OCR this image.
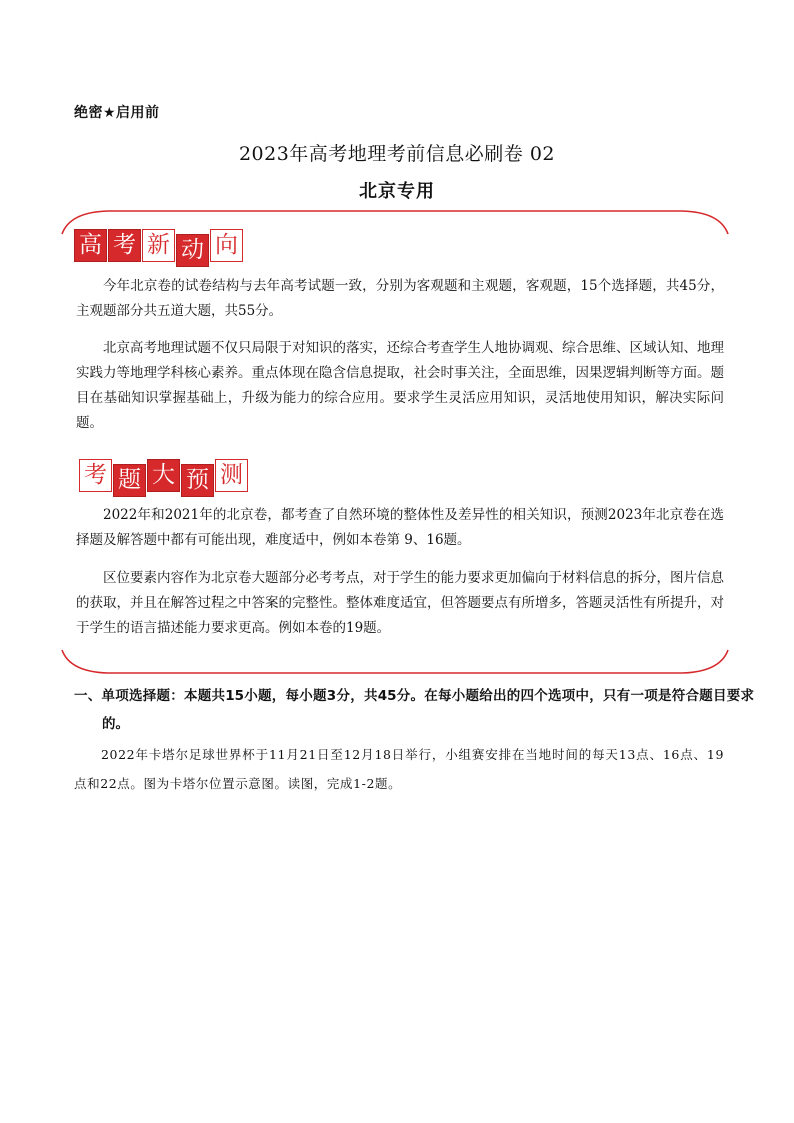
绝密★启用前
2023年高考地理考前信息必刷卷 02
北京专用
高 考 新 动 向

今年北京卷的试卷结构与去年高考试题一致，分别为客观题和主观题，客观题，15个选择题，共45分，主观题部分共五道大题，共55分。

北京高考地理试题不仅只局限于对知识的落实，还综合考查学生人地协调观、综合思维、区域认知、地理实践力等地理学科核心素养。重点体现在隐含信息提取，社会时事关注，全面思维，因果逻辑判断等方面。题目在基础知识掌握基础上，升级为能力的综合应用。要求学生灵活应用知识，灵活地使用知识，解决实际问题。

考 题 大 预 测

2022年和2021年的北京卷，都考查了自然环境的整体性及差异性的相关知识，预测2023年北京卷在选择题及解答题中都有可能出现，难度适中，例如本卷第 9、16题。

区位要素内容作为北京卷大题部分必考考点，对于学生的能力要求更加偏向于材料信息的拆分，图片信息的获取，并且在解答过程之中答案的完整性。整体难度适宜，但答题要点有所增多，答题灵活性有所提升，对于学生的语言描述能力要求更高。例如本卷的19题。

一、单项选择题：本题共15小题，每小题3分，共45分。在每小题给出的四个选项中，只有一项是符合题目要求的。

2022年卡塔尔足球世界杯于11月21日至12月18日举行，小组赛安排在当地时间的每天13点、16点、19点和22点。图为卡塔尔位置示意图。读图，完成1-2题。
